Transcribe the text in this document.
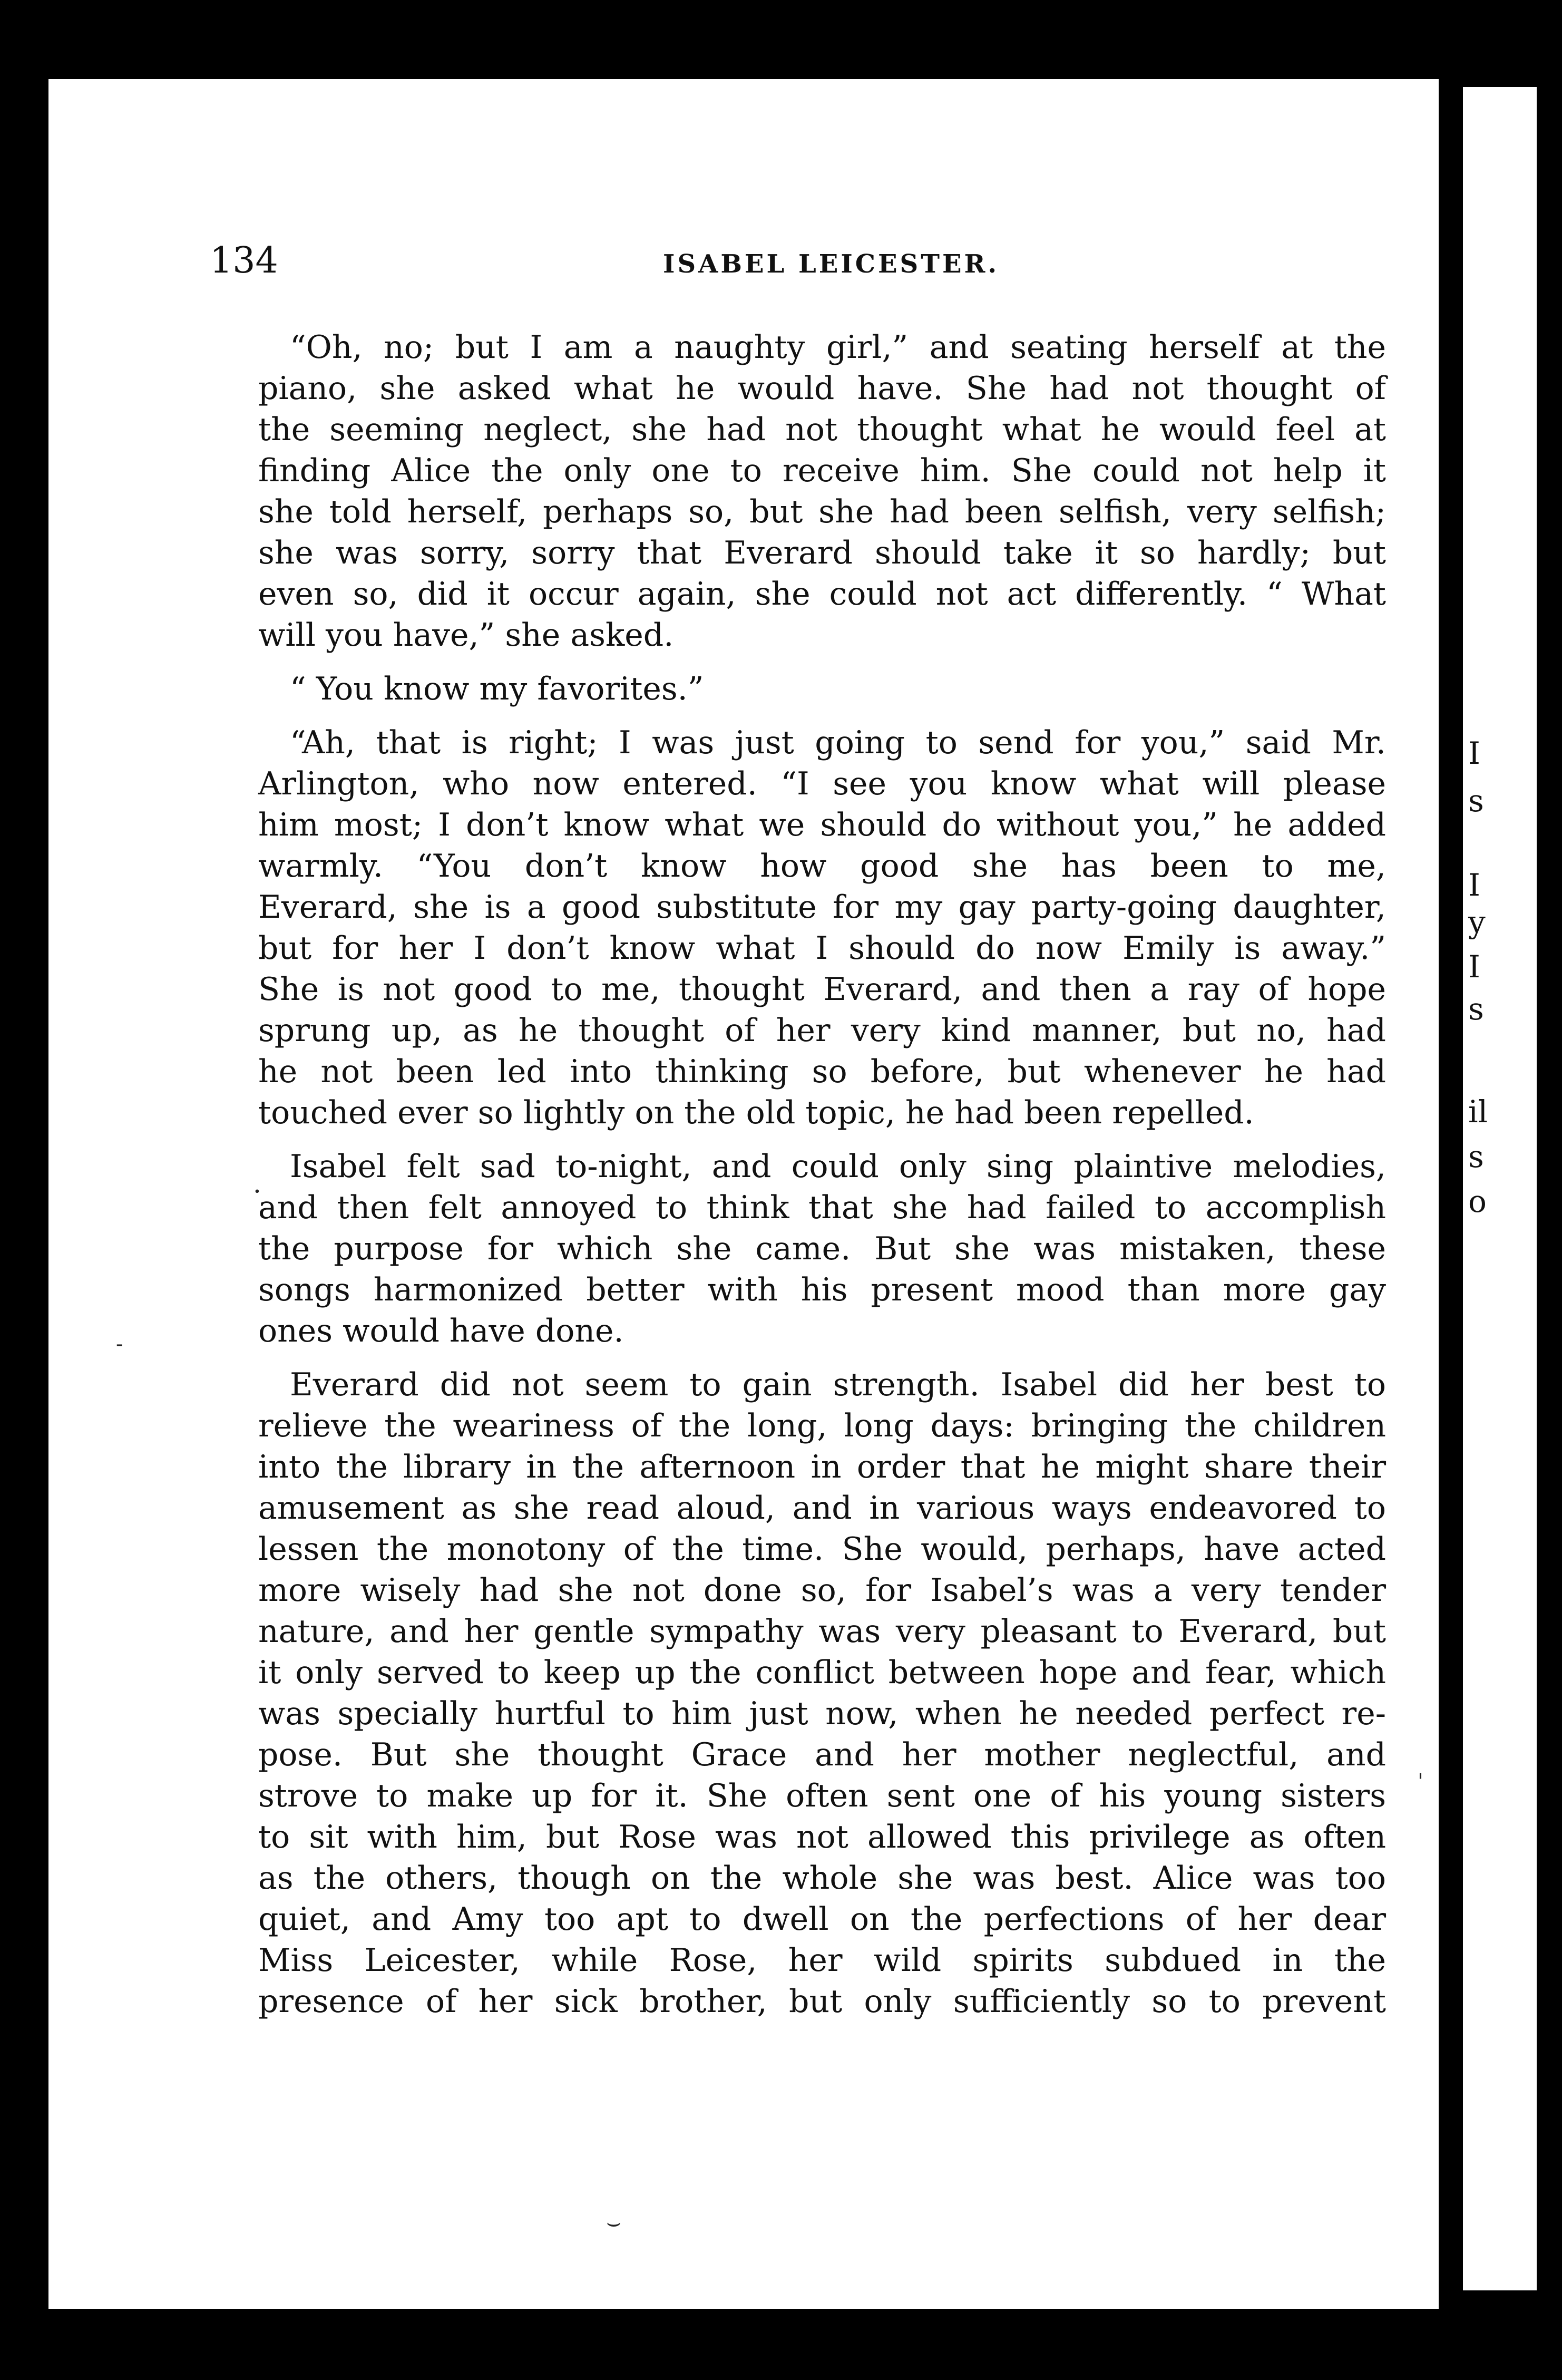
I
s
I
y
I
s
il
s
o
134	ISABEL LEICESTER.
“Oh, no; but I am a naughty girl,” and seating herself at the
piano, she asked what he would have. She had not thought of
the seeming neglect, she had not thought what he would feel at
finding Alice the only one to receive him. She could not help it
she told herself, perhaps so, but she had been selfish, very selfish;
she was sorry, sorry that Everard should take it so hardly; but
even so, did it occur again, she could not act differently. “ What
will you have,” she asked.
“ You know my favorites.”
“Ah, that is right; I was just going to send for you,” said Mr.
Arlington, who now entered. “I see you know what will please
him most; I don’t know what we should do without you,” he added
warmly. “You don’t know how good she has been to me,
Everard, she is a good substitute for my gay party-going daughter,
but for her I don’t know what I should do now Emily is away.”
She is not good to me, thought Everard, and then a ray of hope
sprung up, as he thought of her very kind manner, but no, had
he not been led into thinking so before, but whenever he had
touched ever so lightly on the old topic, he had been repelled.
Isabel felt sad to-night, and could only sing plaintive melodies,
and then felt annoyed to think that she had failed to accomplish
the purpose for which she came. But she was mistaken, these
songs harmonized better with his present mood than more gay
ones would have done.
Everard did not seem to gain strength. Isabel did her best to
relieve the weariness of the long, long days: bringing the children
into the library in the afternoon in order that he might share their
amusement as she read aloud, and in various ways endeavored to
lessen the monotony of the time. She would, perhaps, have acted
more wisely had she not done so, for Isabel’s was a very tender
nature, and her gentle sympathy was very pleasant to Everard, but
it only served to keep up the conflict between hope and fear, which
was specially hurtful to him just now, when he needed perfect re-
pose. But she thought Grace and her mother neglectful, and
strove to make up for it. She often sent one of his young sisters
to sit with him, but Rose was not allowed this privilege as often
as the others, though on the whole she was best. Alice was too
quiet, and Amy too apt to dwell on the perfections of her dear
Miss Leicester, while Rose, her wild spirits subdued in the
presence of her sick brother, but only sufficiently so to prevent
·
-
'
⌣
